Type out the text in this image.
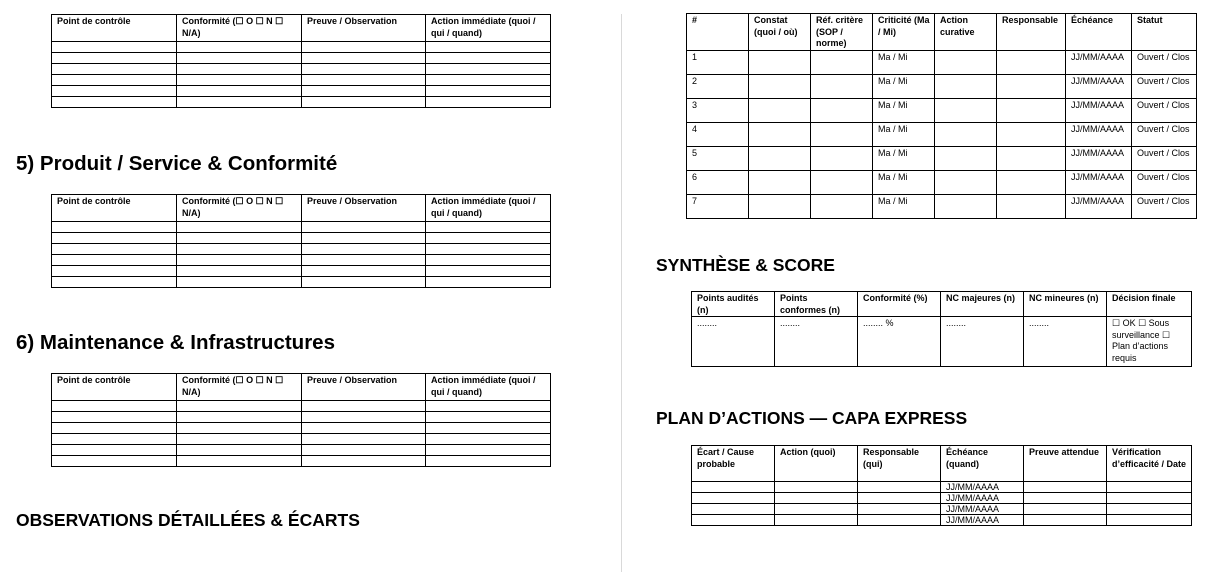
Point de contrôle	Conformité (☐ O ☐ N ☐ N/A)	Preuve / Observation	Action immédiate (quoi / qui / quand)

5) Produit / Service & Conformité
Point de contrôle	Conformité (☐ O ☐ N ☐ N/A)	Preuve / Observation	Action immédiate (quoi / qui / quand)

6) Maintenance & Infrastructures
Point de contrôle	Conformité (☐ O ☐ N ☐ N/A)	Preuve / Observation	Action immédiate (quoi / qui / quand)

OBSERVATIONS DÉTAILLÉES & ÉCARTS
#	Constat (quoi / où)	Réf. critère (SOP / norme)	Criticité (Ma / Mi)	Action curative	Responsable	Échéance	Statut
1			Ma / Mi			JJ/MM/AAAA	Ouvert / Clos
2			Ma / Mi			JJ/MM/AAAA	Ouvert / Clos
3			Ma / Mi			JJ/MM/AAAA	Ouvert / Clos
4			Ma / Mi			JJ/MM/AAAA	Ouvert / Clos
5			Ma / Mi			JJ/MM/AAAA	Ouvert / Clos
6			Ma / Mi			JJ/MM/AAAA	Ouvert / Clos
7			Ma / Mi			JJ/MM/AAAA	Ouvert / Clos
SYNTHÈSE & SCORE
Points audités (n)	Points conformes (n)	Conformité (%)	NC majeures (n)	NC mineures (n)	Décision finale
........	........	........ %	........	........	☐ OK ☐ Sous surveillance ☐ Plan d’actions requis
PLAN D’ACTIONS — CAPA EXPRESS
Écart / Cause probable	Action (quoi)	Responsable (qui)	Échéance (quand)	Preuve attendue	Vérification d’efficacité / Date
			JJ/MM/AAAA		
			JJ/MM/AAAA		
			JJ/MM/AAAA		
			JJ/MM/AAAA		
